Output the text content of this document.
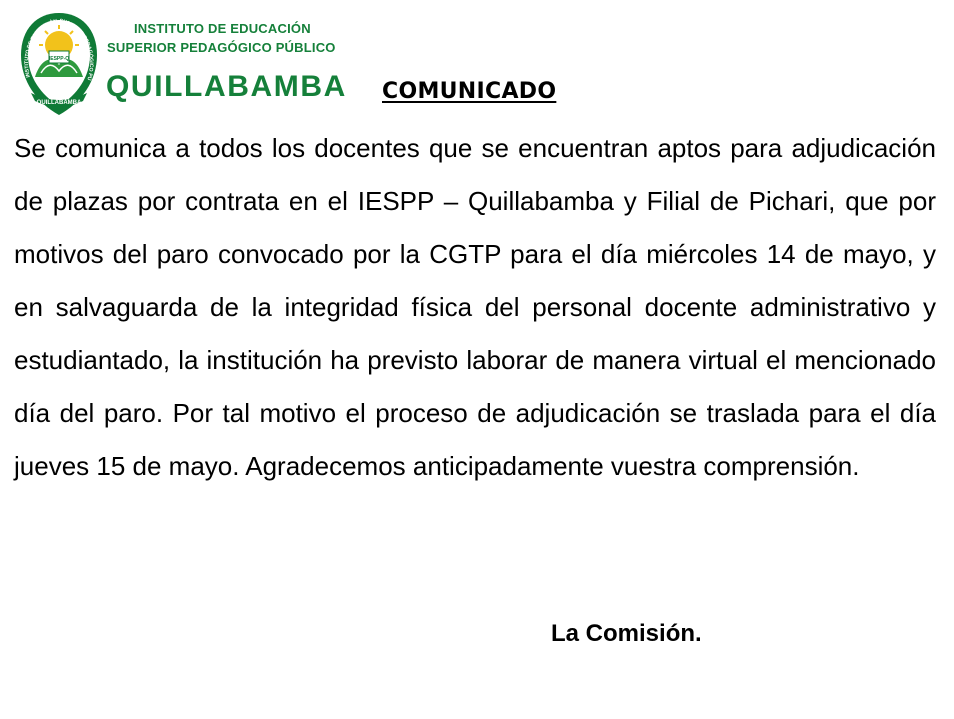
IESPP-Q
QUILLABAMBA
INSTITUTO DE EDUCACIÓN SUPERIOR PEDAGÓGICO PÚ
INSTITUTO DE EDUCACIÓN
SUPERIOR PEDAGÓGICO PÚBLICO
QUILLABAMBA COMUNICADO

Se comunica a todos los docentes que se encuentran aptos para adjudicación de plazas por contrata en el IESPP – Quillabamba y Filial de Pichari, que por motivos del paro convocado por la CGTP para el día miércoles 14 de mayo, y en salvaguarda de la integridad física del personal docente administrativo y estudiantado, la institución ha previsto laborar de manera virtual el mencionado día del paro. Por tal motivo el proceso de adjudicación se traslada para el día jueves 15 de mayo. Agradecemos anticipadamente vuestra comprensión.

La Comisión.
